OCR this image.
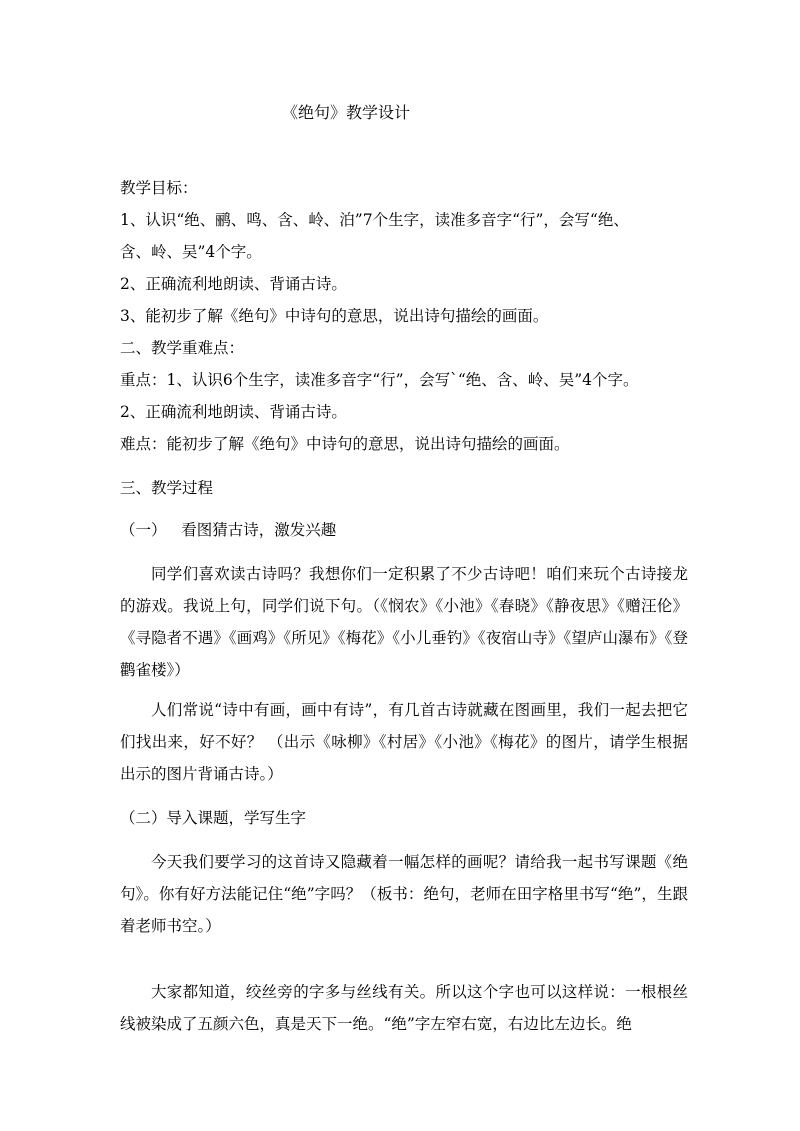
《绝句》教学设计
教学目标：
1、认识“绝、鹂、鸣、含、岭、泊”7个生字，读准多音字“行”，会写“绝、
含、岭、吴”4个字。
2、正确流利地朗读、背诵古诗。
3、能初步了解《绝句》中诗句的意思，说出诗句描绘的画面。
二、教学重难点：
重点：1、认识6个生字，读准多音字“行”，会写`“绝、含、岭、吴”4个字。
2、正确流利地朗读、背诵古诗。
难点：能初步了解《绝句》中诗句的意思，说出诗句描绘的画面。
三、教学过程
（一）   看图猜古诗，激发兴趣
同学们喜欢读古诗吗？我想你们一定积累了不少古诗吧！咱们来玩个古诗接龙的游戏。我说上句，同学们说下句。（《悯农》《小池》《春晓》《静夜思》《赠汪伦》《寻隐者不遇》《画鸡》《所见》《梅花》《小儿垂钓》《夜宿山寺》《望庐山瀑布》《登鹳雀楼》）
人们常说“诗中有画，画中有诗”，有几首古诗就藏在图画里，我们一起去把它们找出来，好不好？ （出示《咏柳》《村居》《小池》《梅花》的图片，请学生根据出示的图片背诵古诗。）
（二）导入课题，学写生字
今天我们要学习的这首诗又隐藏着一幅怎样的画呢？请给我一起书写课题《绝句》。你有好方法能记住“绝”字吗？（板书：绝句，老师在田字格里书写“绝”，生跟着老师书空。）
大家都知道，绞丝旁的字多与丝线有关。所以这个字也可以这样说：一根根丝线被染成了五颜六色，真是天下一绝。“绝”字左窄右宽，右边比左边长。绝
